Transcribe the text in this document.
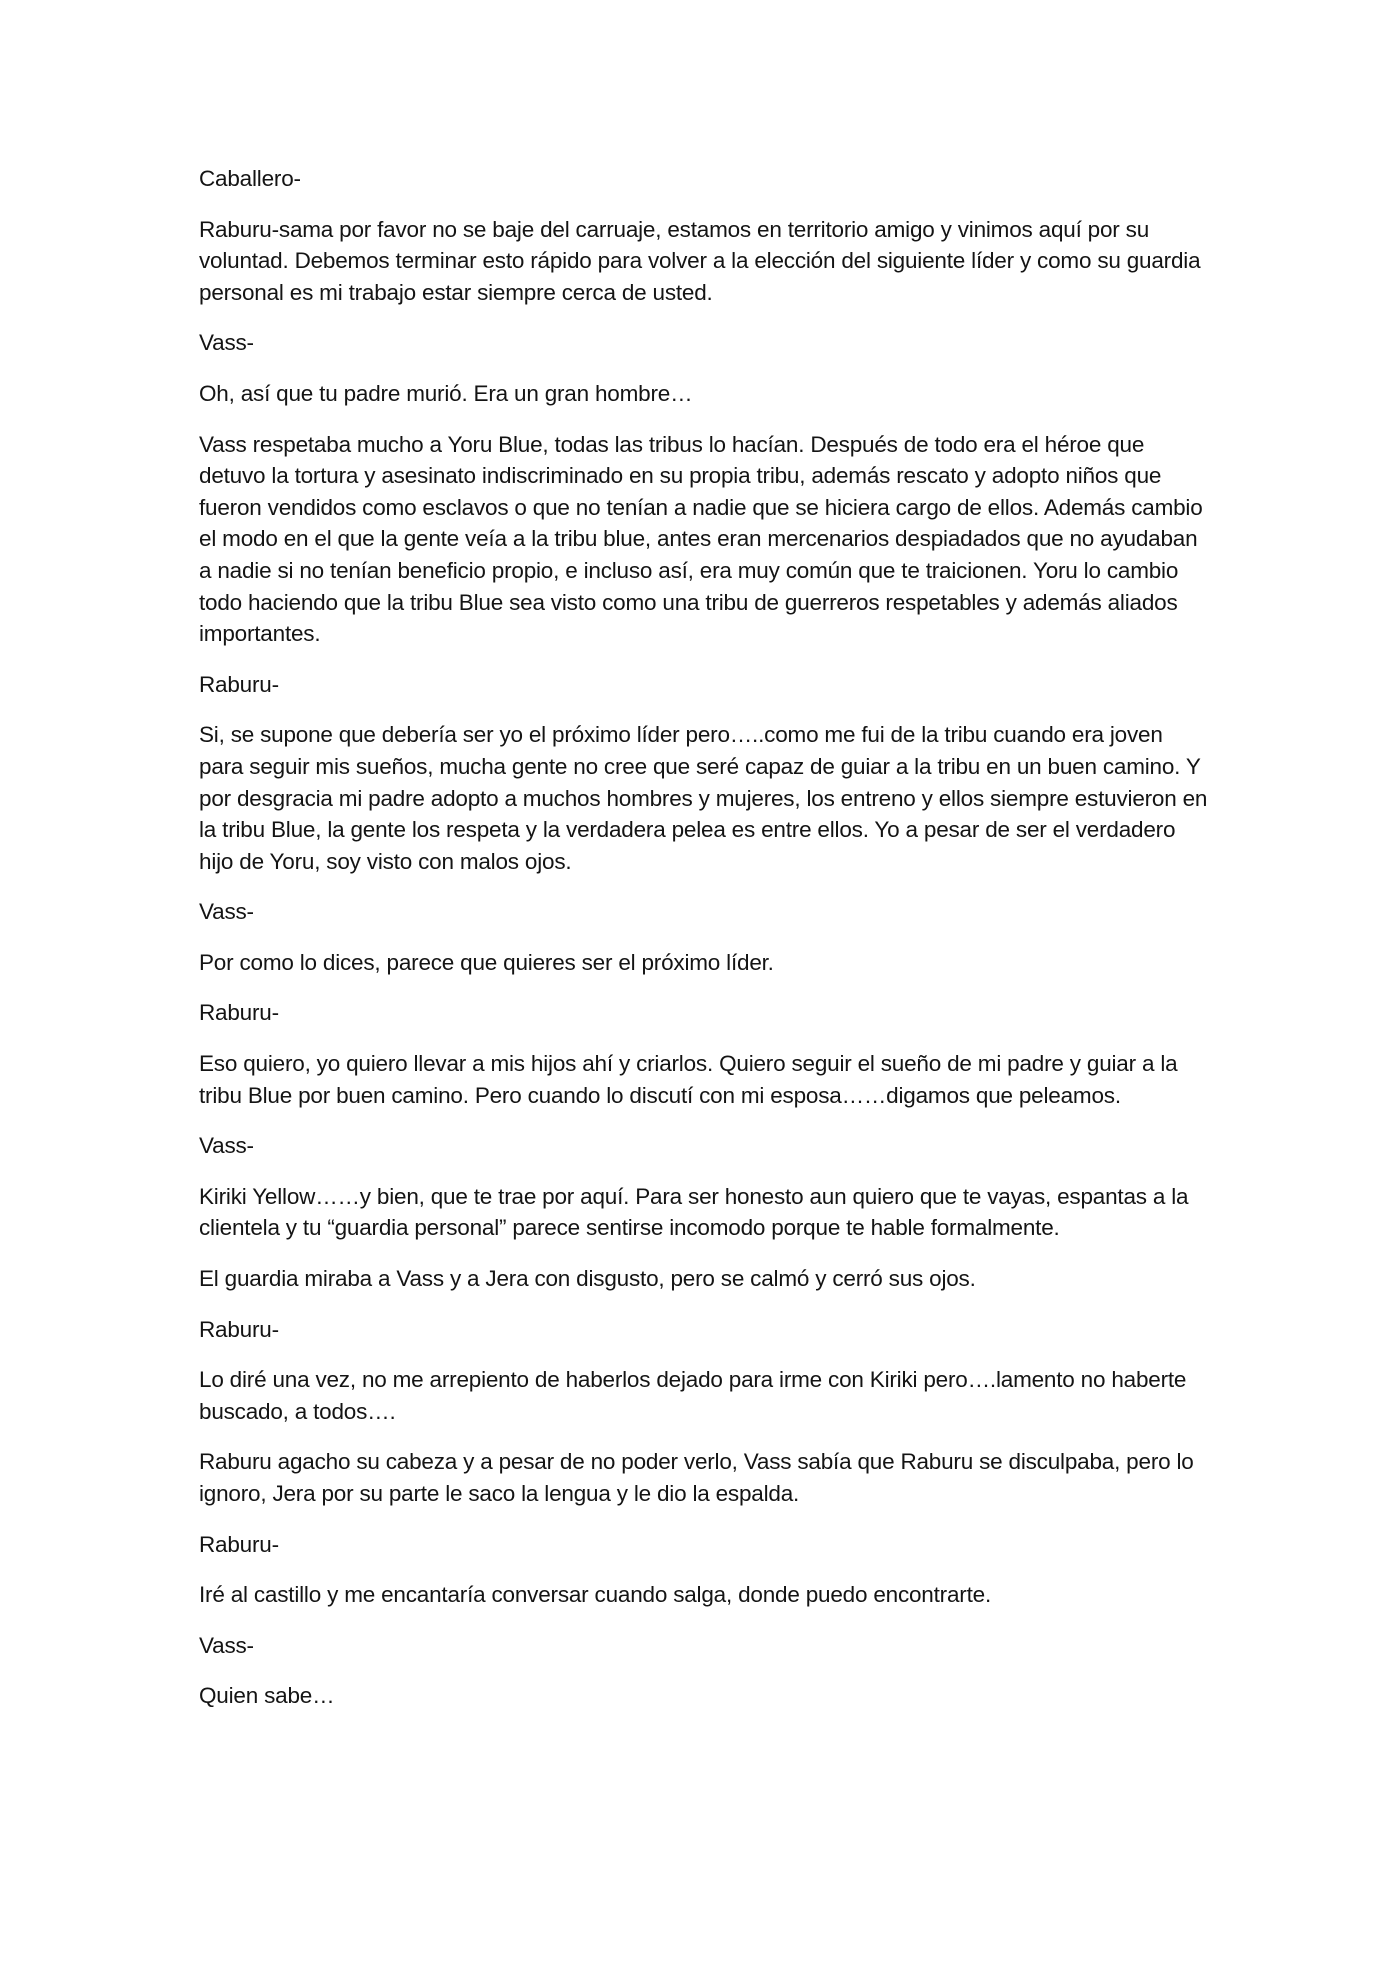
Caballero-

Raburu-sama por favor no se baje del carruaje, estamos en territorio amigo y vinimos aquí por su voluntad. Debemos terminar esto rápido para volver a la elección del siguiente líder y como su guardia personal es mi trabajo estar siempre cerca de usted.

Vass-

Oh, así que tu padre murió. Era un gran hombre…

Vass respetaba mucho a Yoru Blue, todas las tribus lo hacían. Después de todo era el héroe que detuvo la tortura y asesinato indiscriminado en su propia tribu, además rescato y adopto niños que fueron vendidos como esclavos o que no tenían a nadie que se hiciera cargo de ellos. Además cambio el modo en el que la gente veía a la tribu blue, antes eran mercenarios despiadados que no ayudaban a nadie si no tenían beneficio propio, e incluso así, era muy común que te traicionen. Yoru lo cambio todo haciendo que la tribu Blue sea visto como una tribu de guerreros respetables y además aliados importantes.

Raburu-

Si, se supone que debería ser yo el próximo líder pero…..como me fui de la tribu cuando era joven para seguir mis sueños, mucha gente no cree que seré capaz de guiar a la tribu en un buen camino. Y por desgracia mi padre adopto a muchos hombres y mujeres, los entreno y ellos siempre estuvieron en la tribu Blue, la gente los respeta y la verdadera pelea es entre ellos. Yo a pesar de ser el verdadero hijo de Yoru, soy visto con malos ojos.

Vass-

Por como lo dices, parece que quieres ser el próximo líder.

Raburu-

Eso quiero, yo quiero llevar a mis hijos ahí y criarlos. Quiero seguir el sueño de mi padre y guiar a la tribu Blue por buen camino. Pero cuando lo discutí con mi esposa……digamos que peleamos.

Vass-

Kiriki Yellow……y bien, que te trae por aquí. Para ser honesto aun quiero que te vayas, espantas a la clientela y tu “guardia personal” parece sentirse incomodo porque te hable formalmente.

El guardia miraba a Vass y a Jera con disgusto, pero se calmó y cerró sus ojos.

Raburu-

Lo diré una vez, no me arrepiento de haberlos dejado para irme con Kiriki pero….lamento no haberte buscado, a todos….

Raburu agacho su cabeza y a pesar de no poder verlo, Vass sabía que Raburu se disculpaba, pero lo ignoro, Jera por su parte le saco la lengua y le dio la espalda.

Raburu-

Iré al castillo y me encantaría conversar cuando salga, donde puedo encontrarte.

Vass-

Quien sabe…
